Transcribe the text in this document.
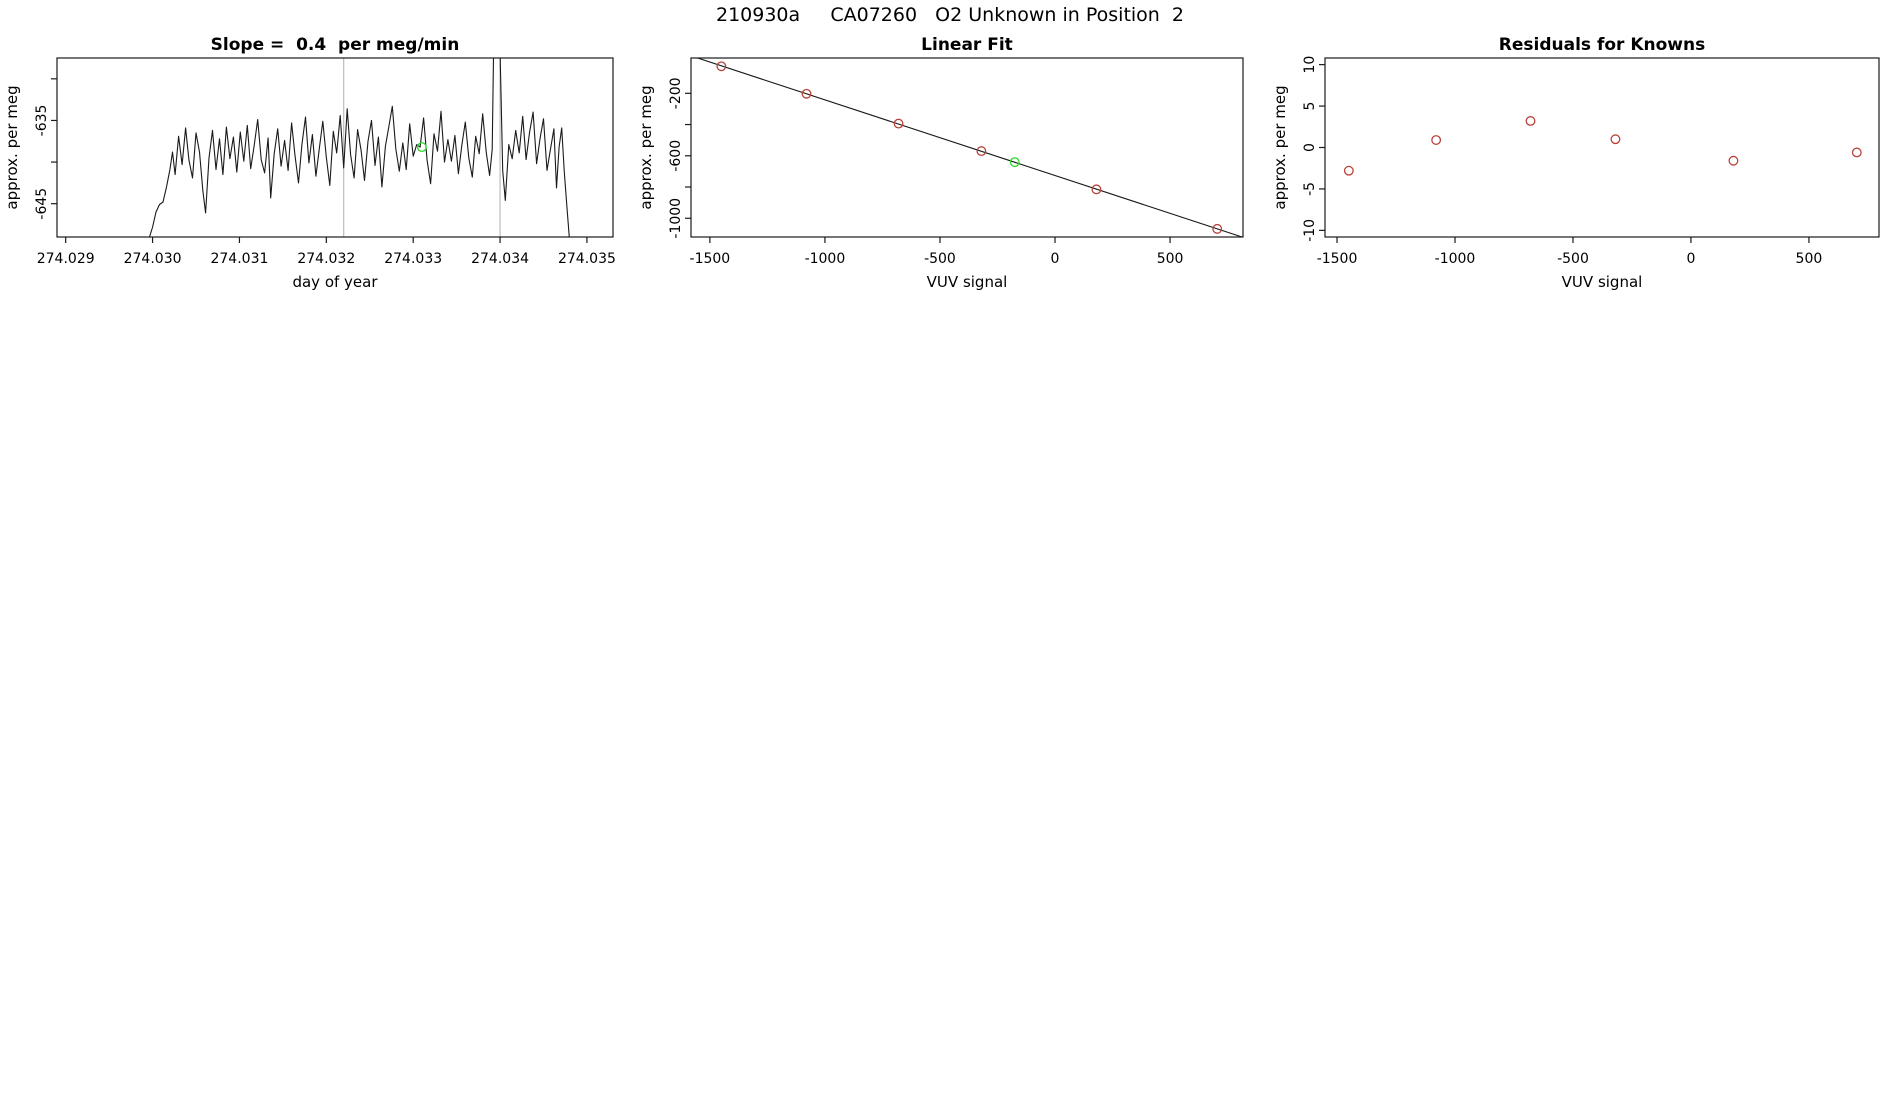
210930a     CA07260   O2 Unknown in Position  2
274.029 274.030 274.031 274.032 274.033 274.034 274.035
-635
-645
Slope =  0.4  per meg/min
day of year
approx. per meg
-1500	-1000	-500	0	500
-200
-600
-1000
Linear Fit
VUV signal
approx. per meg
-1500	-1000	-500	0	500
-10
-5
0
5
10
Residuals for Knowns
VUV signal
approx. per meg
